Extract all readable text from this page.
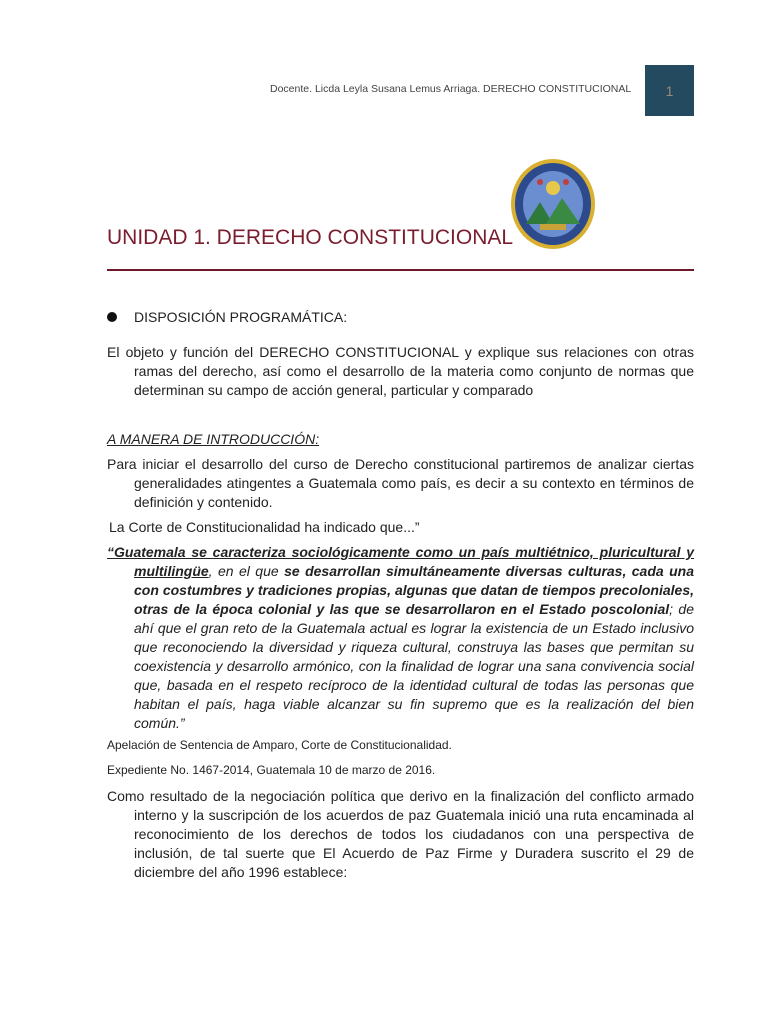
Docente. Licda Leyla Susana Lemus Arriaga. DERECHO CONSTITUCIONAL	1
UNIDAD 1. DERECHO CONSTITUCIONAL
DISPOSICIÓN PROGRAMÁTICA:
El objeto y función del DERECHO CONSTITUCIONAL y explique sus relaciones con otras ramas del derecho, así como el desarrollo de la materia como conjunto de normas que determinan su campo de acción general, particular y comparado
A MANERA DE INTRODUCCIÓN:
Para iniciar el desarrollo del curso de Derecho constitucional partiremos de analizar ciertas generalidades atingentes a Guatemala como país, es decir a su contexto en términos de definición y contenido.
La Corte de Constitucionalidad ha indicado que...”
“Guatemala se caracteriza sociológicamente como un país multiétnico, pluricultural y multilingüe, en el que se desarrollan simultáneamente diversas culturas, cada una con costumbres y tradiciones propias, algunas que datan de tiempos precoloniales, otras de la época colonial y las que se desarrollaron en el Estado poscolonial; de ahí que el gran reto de la Guatemala actual es lograr la existencia de un Estado inclusivo que reconociendo la diversidad y riqueza cultural, construya las bases que permitan su coexistencia y desarrollo armónico, con la finalidad de lograr una sana convivencia social que, basada en el respeto recíproco de la identidad cultural de todas las personas que habitan el país, haga viable alcanzar su fin supremo que es la realización del bien común.”
Apelación de Sentencia de Amparo, Corte de Constitucionalidad.
Expediente No. 1467-2014, Guatemala 10 de marzo de 2016.
Como resultado de la negociación política que derivo en la finalización del conflicto armado interno y la suscripción de los acuerdos de paz Guatemala inició una ruta encaminada al reconocimiento de los derechos de todos los ciudadanos con una perspectiva de inclusión, de tal suerte que El Acuerdo de Paz Firme y Duradera suscrito el 29 de diciembre del año 1996 establece:
